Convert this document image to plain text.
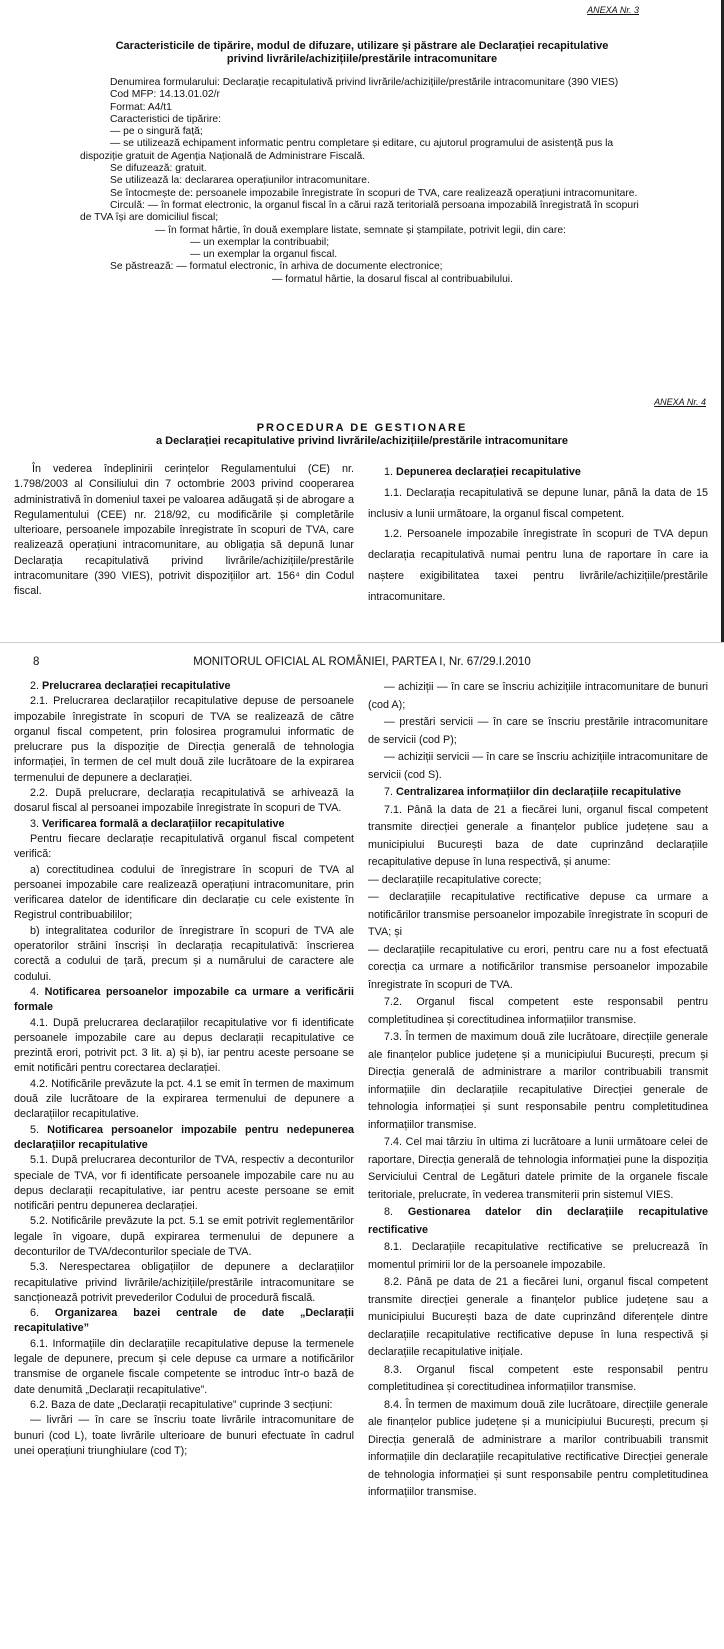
ANEXA Nr. 3
Caracteristicile de tipărire, modul de difuzare, utilizare și păstrare ale Declarației recapitulative
privind livrările/achizițiile/prestările intracomunitare

Denumirea formularului: Declarație recapitulativă privind livrările/achizițiile/prestările intracomunitare (390 VIES)

Cod MFP: 14.13.01.02/r

Format: A4/t1

Caracteristici de tipărire:

— pe o singură față;

— se utilizează echipament informatic pentru completare și editare, cu ajutorul programului de asistență pus la dispoziție gratuit de Agenția Națională de Administrare Fiscală.

Se difuzează: gratuit.

Se utilizează la: declararea operațiunilor intracomunitare.

Se întocmește de: persoanele impozabile înregistrate în scopuri de TVA, care realizează operațiuni intracomunitare.

Circulă: — în format electronic, la organul fiscal în a cărui rază teritorială persoana impozabilă înregistrată în scopuri de TVA își are domiciliul fiscal;

— în format hârtie, în două exemplare listate, semnate și ștampilate, potrivit legii, din care:

— un exemplar la contribuabil;

— un exemplar la organul fiscal.

Se păstrează: — formatul electronic, în arhiva de documente electronice;

— formatul hârtie, la dosarul fiscal al contribuabilului.

ANEXA Nr. 4
PROCEDURA DE GESTIONARE
a Declarației recapitulative privind livrările/achizițiile/prestările intracomunitare

În vederea îndeplinirii cerințelor Regulamentului (CE) nr. 1.798/2003 al Consiliului din 7 octombrie 2003 privind cooperarea administrativă în domeniul taxei pe valoarea adăugată și de abrogare a Regulamentului (CEE) nr. 218/92, cu modificările și completările ulterioare, persoanele impozabile înregistrate în scopuri de TVA, care realizează operațiuni intracomunitare, au obligația să depună lunar Declarația recapitulativă privind livrările/achizițiile/prestările intracomunitare (390 VIES), potrivit dispozițiilor art. 156⁴ din Codul fiscal.

1. Depunerea declarației recapitulative

1.1. Declarația recapitulativă se depune lunar, până la data de 15 inclusiv a lunii următoare, la organul fiscal competent.

1.2. Persoanele impozabile înregistrate în scopuri de TVA depun declarația recapitulativă numai pentru luna de raportare în care ia naștere exigibilitatea taxei pentru livrările/achizițiile/prestările intracomunitare.

8	MONITORUL OFICIAL AL ROMÂNIEI, PARTEA I, Nr. 67/29.I.2010

2. Prelucrarea declarației recapitulative

2.1. Prelucrarea declarațiilor recapitulative depuse de persoanele impozabile înregistrate în scopuri de TVA se realizează de către organul fiscal competent, prin folosirea programului informatic de prelucrare pus la dispoziție de Direcția generală de tehnologia informației, în termen de cel mult două zile lucrătoare de la expirarea termenului de depunere a declarației.

2.2. După prelucrare, declarația recapitulativă se arhivează la dosarul fiscal al persoanei impozabile înregistrate în scopuri de TVA.

3. Verificarea formală a declarațiilor recapitulative

Pentru fiecare declarație recapitulativă organul fiscal competent verifică:

a) corectitudinea codului de înregistrare în scopuri de TVA al persoanei impozabile care realizează operațiuni intracomunitare, prin verificarea datelor de identificare din declarație cu cele existente în Registrul contribuabililor;

b) integralitatea codurilor de înregistrare în scopuri de TVA ale operatorilor străini înscriși în declarația recapitulativă: înscrierea corectă a codului de țară, precum și a numărului de caractere ale codului.

4. Notificarea persoanelor impozabile ca urmare a verificării formale

4.1. După prelucrarea declarațiilor recapitulative vor fi identificate persoanele impozabile care au depus declarații recapitulative ce prezintă erori, potrivit pct. 3 lit. a) și b), iar pentru aceste persoane se emit notificări pentru corectarea declarației.

4.2. Notificările prevăzute la pct. 4.1 se emit în termen de maximum două zile lucrătoare de la expirarea termenului de depunere a declarațiilor recapitulative.

5. Notificarea persoanelor impozabile pentru nedepunerea declarațiilor recapitulative

5.1. După prelucrarea deconturilor de TVA, respectiv a deconturilor speciale de TVA, vor fi identificate persoanele impozabile care nu au depus declarații recapitulative, iar pentru aceste persoane se emit notificări pentru depunerea declarației.

5.2. Notificările prevăzute la pct. 5.1 se emit potrivit reglementărilor legale în vigoare, după expirarea termenului de depunere a deconturilor de TVA/deconturilor speciale de TVA.

5.3. Nerespectarea obligațiilor de depunere a declarațiilor recapitulative privind livrările/achizițiile/prestările intracomunitare se sancționează potrivit prevederilor Codului de procedură fiscală.

6. Organizarea bazei centrale de date „Declarații recapitulative”

6.1. Informațiile din declarațiile recapitulative depuse la termenele legale de depunere, precum și cele depuse ca urmare a notificărilor transmise de organele fiscale competente se introduc într-o bază de date denumită „Declarații recapitulative”.

6.2. Baza de date „Declarații recapitulative” cuprinde 3 secțiuni:

— livrări — în care se înscriu toate livrările intracomunitare de bunuri (cod L), toate livrările ulterioare de bunuri efectuate în cadrul unei operațiuni triunghiulare (cod T);

— achiziții — în care se înscriu achizițiile intracomunitare de bunuri (cod A);

— prestări servicii — în care se înscriu prestările intracomunitare de servicii (cod P);

— achiziții servicii — în care se înscriu achizițiile intracomunitare de servicii (cod S).

7. Centralizarea informațiilor din declarațiile recapitulative

7.1. Până la data de 21 a fiecărei luni, organul fiscal competent transmite direcției generale a finanțelor publice județene sau a municipiului București baza de date cuprinzând declarațiile recapitulative depuse în luna respectivă, și anume:

— declarațiile recapitulative corecte;

— declarațiile recapitulative rectificative depuse ca urmare a notificărilor transmise persoanelor impozabile înregistrate în scopuri de TVA; și

— declarațiile recapitulative cu erori, pentru care nu a fost efectuată corecția ca urmare a notificărilor transmise persoanelor impozabile înregistrate în scopuri de TVA.

7.2. Organul fiscal competent este responsabil pentru completitudinea și corectitudinea informațiilor transmise.

7.3. În termen de maximum două zile lucrătoare, direcțiile generale ale finanțelor publice județene și a municipiului București, precum și Direcția generală de administrare a marilor contribuabili transmit informațiile din declarațiile recapitulative Direcției generale de tehnologia informației și sunt responsabile pentru completitudinea informațiilor transmise.

7.4. Cel mai târziu în ultima zi lucrătoare a lunii următoare celei de raportare, Direcția generală de tehnologia informației pune la dispoziția Serviciului Central de Legături datele primite de la organele fiscale teritoriale, prelucrate, în vederea transmiterii prin sistemul VIES.

8. Gestionarea datelor din declarațiile recapitulative rectificative

8.1. Declarațiile recapitulative rectificative se prelucrează în momentul primirii lor de la persoanele impozabile.

8.2. Până pe data de 21 a fiecărei luni, organul fiscal competent transmite direcției generale a finanțelor publice județene sau a municipiului București baza de date cuprinzând diferențele dintre declarațiile recapitulative rectificative depuse în luna respectivă și declarațiile recapitulative inițiale.

8.3. Organul fiscal competent este responsabil pentru completitudinea și corectitudinea informațiilor transmise.

8.4. În termen de maximum două zile lucrătoare, direcțiile generale ale finanțelor publice județene și a municipiului București, precum și Direcția generală de administrare a marilor contribuabili transmit informațiile din declarațiile recapitulative rectificative Direcției generale de tehnologia informației și sunt responsabile pentru completitudinea informațiilor transmise.
